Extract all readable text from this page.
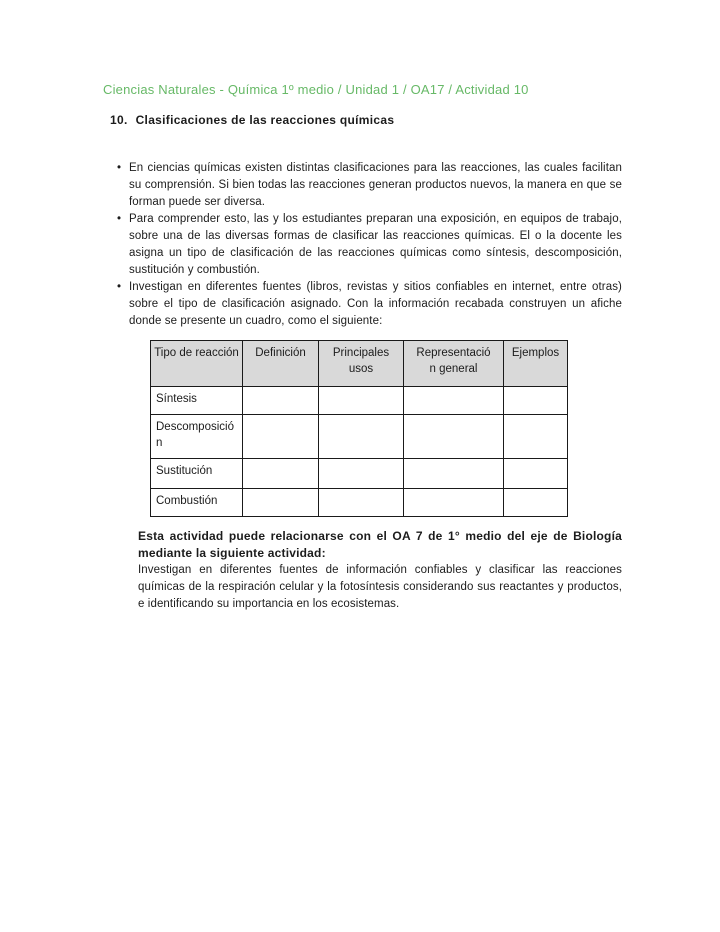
Ciencias Naturales - Química 1º medio / Unidad 1 / OA17 / Actividad 10
10. Clasificaciones de las reacciones químicas
• En ciencias químicas existen distintas clasificaciones para las reacciones, las cuales facilitan su comprensión. Si bien todas las reacciones generan productos nuevos, la manera en que se forman puede ser diversa.
• Para comprender esto, las y los estudiantes preparan una exposición, en equipos de trabajo, sobre una de las diversas formas de clasificar las reacciones químicas. El o la docente les asigna un tipo de clasificación de las reacciones químicas como síntesis, descomposición, sustitución y combustión.
• Investigan en diferentes fuentes (libros, revistas y sitios confiables en internet, entre otras) sobre el tipo de clasificación asignado. Con la información recabada construyen un afiche donde se presente un cuadro, como el siguiente:
Tipo de reacción	Definición	Principales usos	Representación general	Ejemplos
Síntesis				
Descomposición				
Sustitución				
Combustión				

Esta actividad puede relacionarse con el OA 7 de 1° medio del eje de Biología mediante la siguiente actividad:

Investigan en diferentes fuentes de información confiables y clasificar las reacciones químicas de la respiración celular y la fotosíntesis considerando sus reactantes y productos, e identificando su importancia en los ecosistemas.
